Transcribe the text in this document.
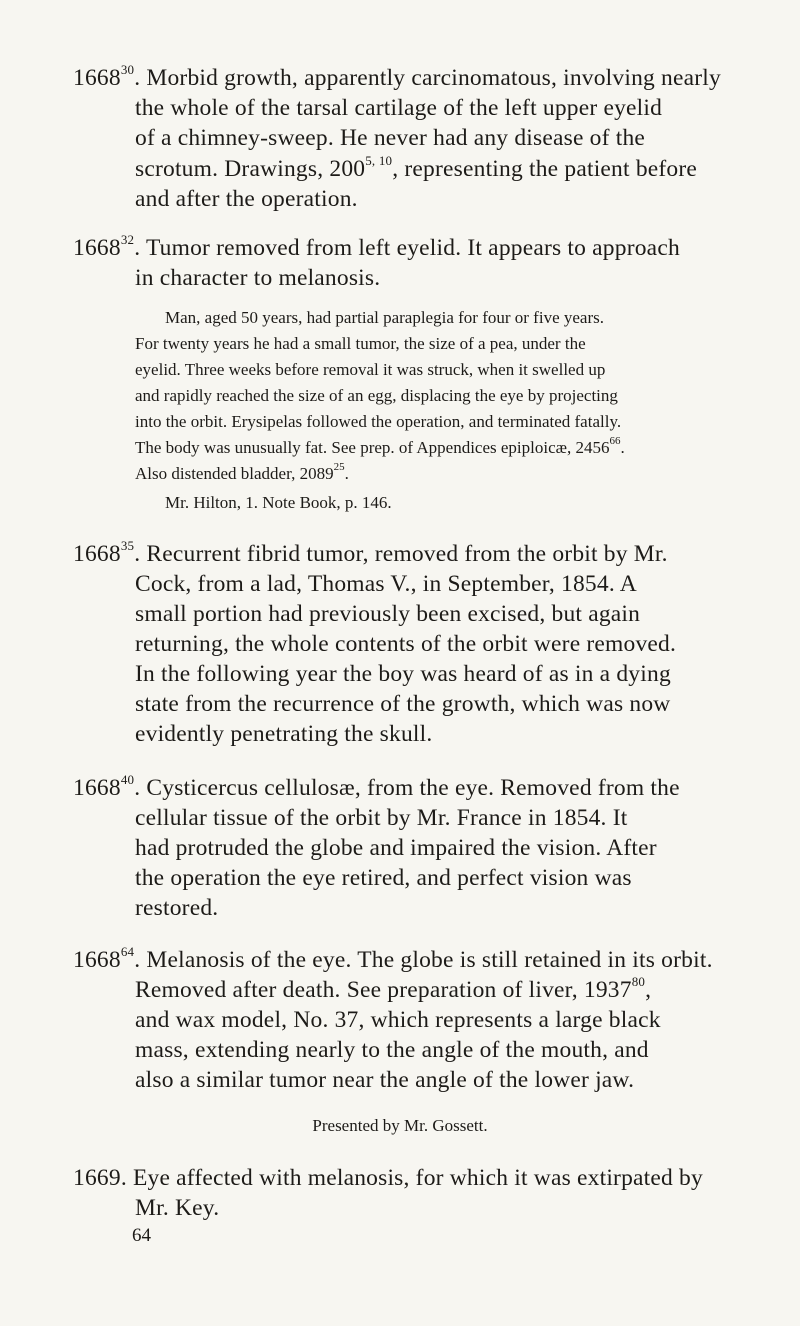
1668$^{30}$. Morbid growth, apparently carcinomatous, involving nearly
the whole of the tarsal cartilage of the left upper eyelid
of a chimney-sweep. He never had any disease of the
scrotum. Drawings, 200$^{5, 10}$, representing the patient before
and after the operation.
1668$^{32}$. Tumor removed from left eyelid. It appears to approach
in character to melanosis.
Man, aged 50 years, had partial paraplegia for four or five years.
For twenty years he had a small tumor, the size of a pea, under the
eyelid. Three weeks before removal it was struck, when it swelled up
and rapidly reached the size of an egg, displacing the eye by projecting
into the orbit. Erysipelas followed the operation, and terminated fatally.
The body was unusually fat. See prep. of Appendices epiploicæ, 2456$^{66}$.
Also distended bladder, 2089$^{25}$.
Mr. Hilton, 1. Note Book, p. 146.
1668$^{35}$. Recurrent fibrid tumor, removed from the orbit by Mr.
Cock, from a lad, Thomas V., in September, 1854. A
small portion had previously been excised, but again
returning, the whole contents of the orbit were removed.
In the following year the boy was heard of as in a dying
state from the recurrence of the growth, which was now
evidently penetrating the skull.
1668$^{40}$. Cysticercus cellulosæ, from the eye. Removed from the
cellular tissue of the orbit by Mr. France in 1854. It
had protruded the globe and impaired the vision. After
the operation the eye retired, and perfect vision was
restored.
1668$^{64}$. Melanosis of the eye. The globe is still retained in its orbit.
Removed after death. See preparation of liver, 1937$^{80}$,
and wax model, No. 37, which represents a large black
mass, extending nearly to the angle of the mouth, and
also a similar tumor near the angle of the lower jaw.
Presented by Mr. Gossett.
1669. Eye affected with melanosis, for which it was extirpated by
Mr. Key.
64
